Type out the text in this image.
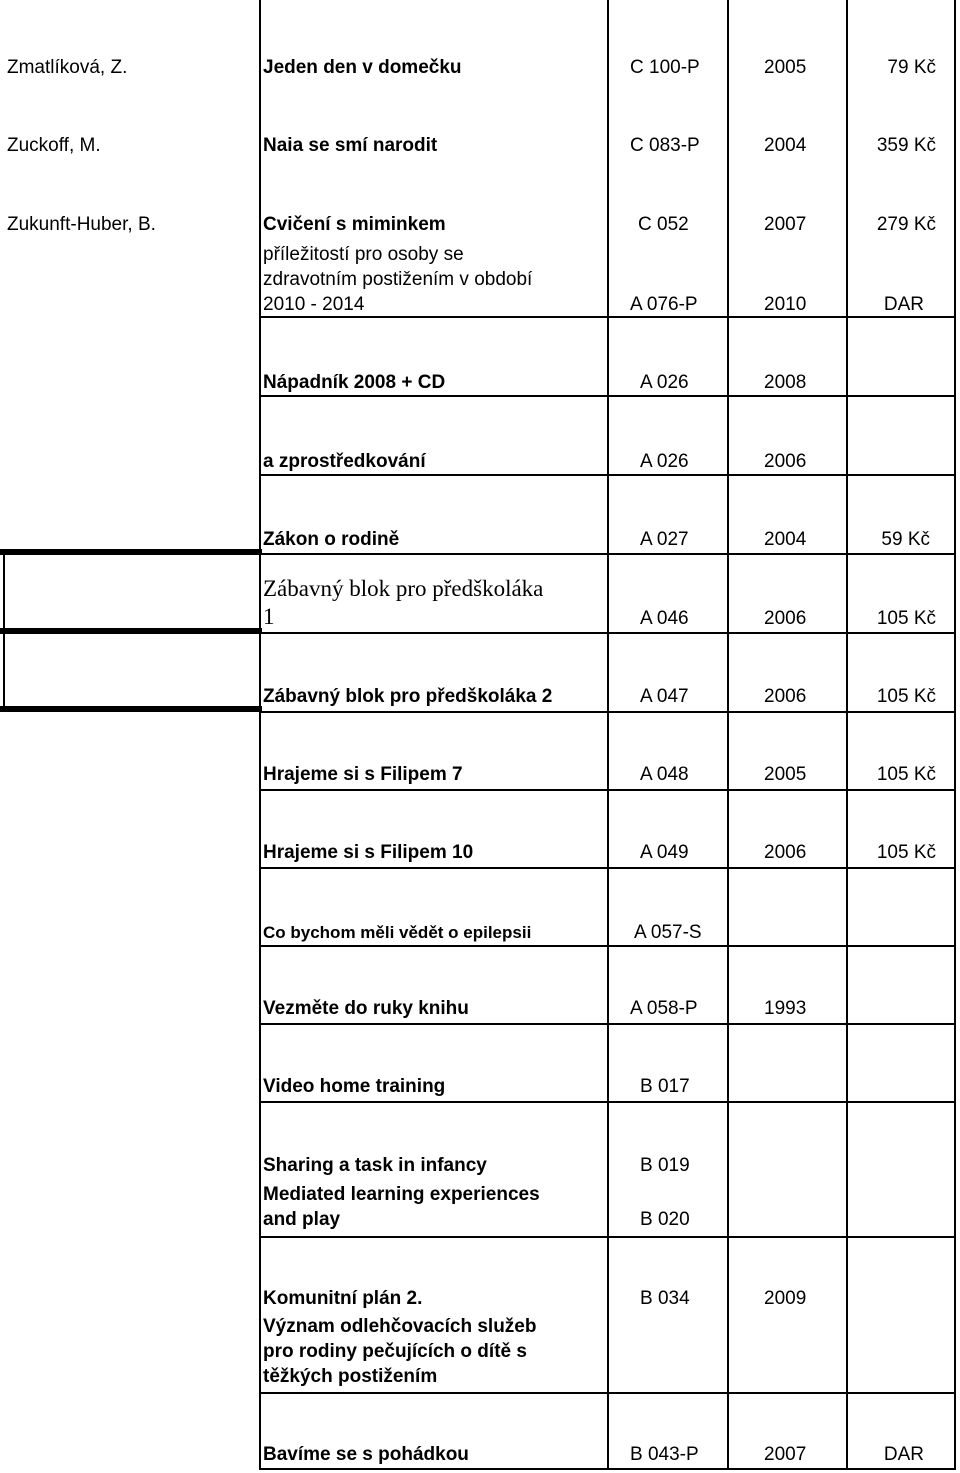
Zmatlíková, Z.	Jeden den v domečku	C 100-P	2005	79 Kč
Zuckoff, M.	Naia se smí narodit	C 083-P	2004	359 Kč
Zukunft-Huber, B.	Cvičení s miminkem	C 052	2007	279 Kč
příležitostí pro osoby se
zdravotním postižením v období
2010 - 2014	A 076-P	2010	DAR
Nápadník 2008 + CD	A 026	2008
a zprostředkování	A 026	2006
Zákon o rodině	A 027	2004	59 Kč
Zábavný blok pro předškoláka
1	A 046	2006	105 Kč
Zábavný blok pro předškoláka 2	A 047	2006	105 Kč
Hrajeme si s Filipem 7	A 048	2005	105 Kč
Hrajeme si s Filipem 10	A 049	2006	105 Kč
Co bychom měli vědět o epilepsii	A 057-S
Vezměte do ruky knihu	A 058-P	1993
Video home training	B 017
Sharing a task in infancy	B 019
Mediated learning experiences
and play	B 020
Komunitní plán 2.	B 034	2009
Význam odlehčovacích služeb
pro rodiny pečujících o dítě s
těžkých postižením
Bavíme se s pohádkou	B 043-P	2007	DAR
